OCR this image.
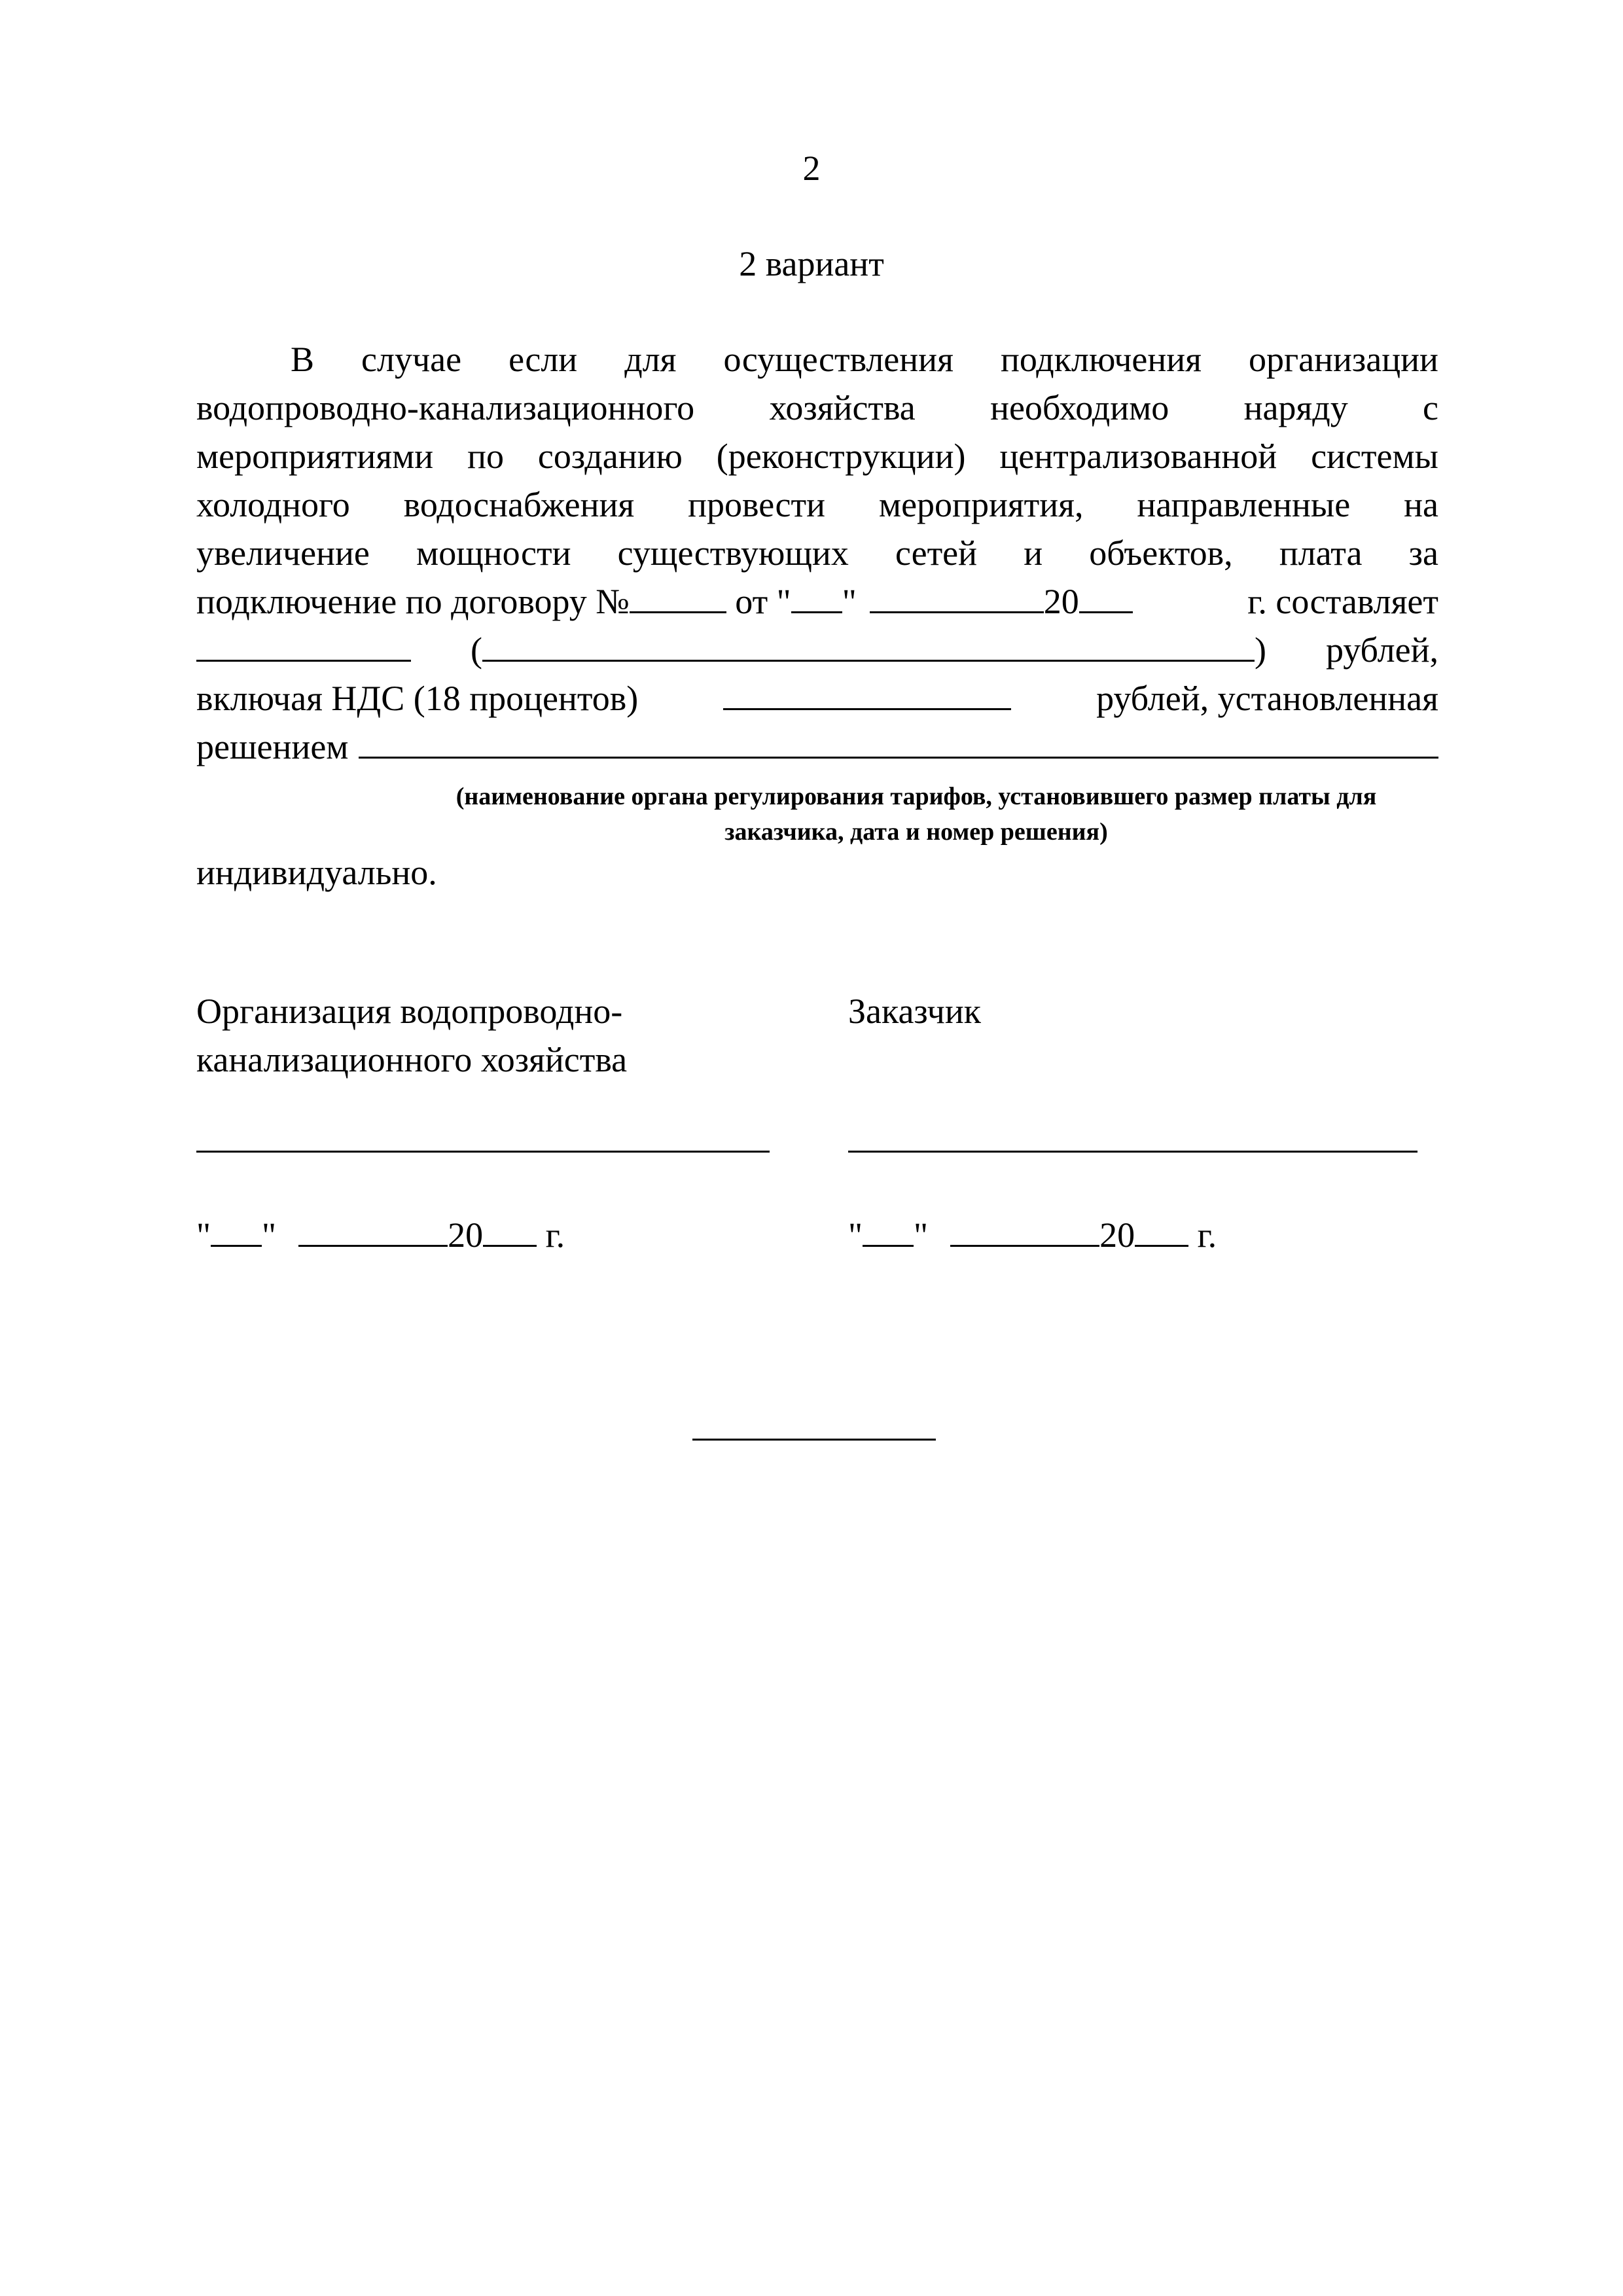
2
2 вариант
В случае если для осуществления подключения организации
водопроводно-канализационного хозяйства необходимо наряду с
мероприятиями по созданию (реконструкции) централизованной системы
холодного водоснабжения провести мероприятия, направленные на
увеличение мощности существующих сетей и объектов, плата за
подключение по договору №	от " "	20	г. составляет
(	) рублей,
включая НДС (18 процентов)	рублей, установленная
решением
(наименование органа регулирования тарифов, установившего размер платы для
заказчика, дата и номер решения)
индивидуально.
Организация водопроводно-
канализационного хозяйства
Заказчик
" "	20 г.	" "	20 г.
